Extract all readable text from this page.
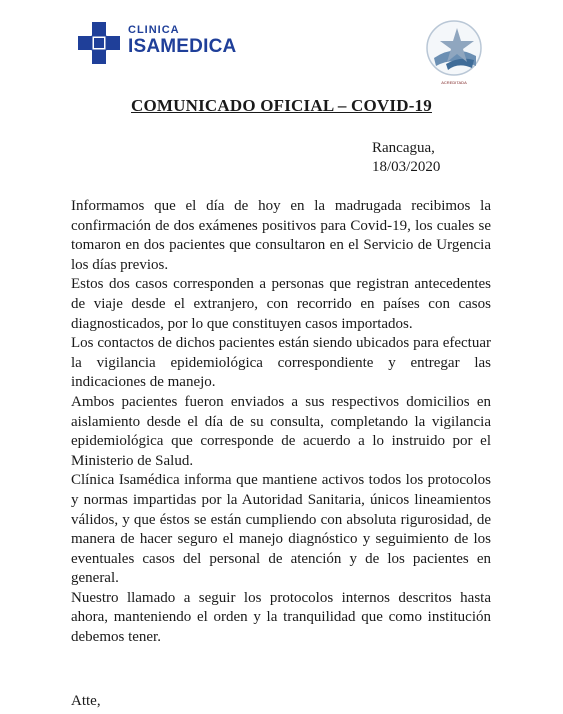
CLINICA
ISAMEDICA
ACREDITADA
COMUNICADO OFICIAL – COVID-19
Rancagua,
18/03/2020

Informamos que el día de hoy en la madrugada recibimos la confirmación de dos exámenes positivos para Covid-19, los cuales se tomaron en dos pacientes que consultaron en el Servicio de Urgencia los días previos.

Estos dos casos corresponden a personas que registran antecedentes de viaje desde el extranjero, con recorrido en países con casos diagnosticados, por lo que constituyen casos importados.

Los contactos de dichos pacientes están siendo ubicados para efectuar la vigilancia epidemiológica correspondiente y entregar las indicaciones de manejo.

Ambos pacientes fueron enviados a sus respectivos domicilios en aislamiento desde el día de su consulta, completando la vigilancia epidemiológica que corresponde de acuerdo a lo instruido por el Ministerio de Salud.

Clínica Isamédica informa que mantiene activos todos los protocolos y normas impartidas por la Autoridad Sanitaria, únicos lineamientos válidos, y que éstos se están cumpliendo con absoluta rigurosidad, de manera de hacer seguro el manejo diagnóstico y seguimiento de los eventuales casos del personal de atención y de los pacientes en general.

Nuestro llamado a seguir los protocolos internos descritos hasta ahora, manteniendo el orden y la tranquilidad que como institución debemos tener.

Atte,
